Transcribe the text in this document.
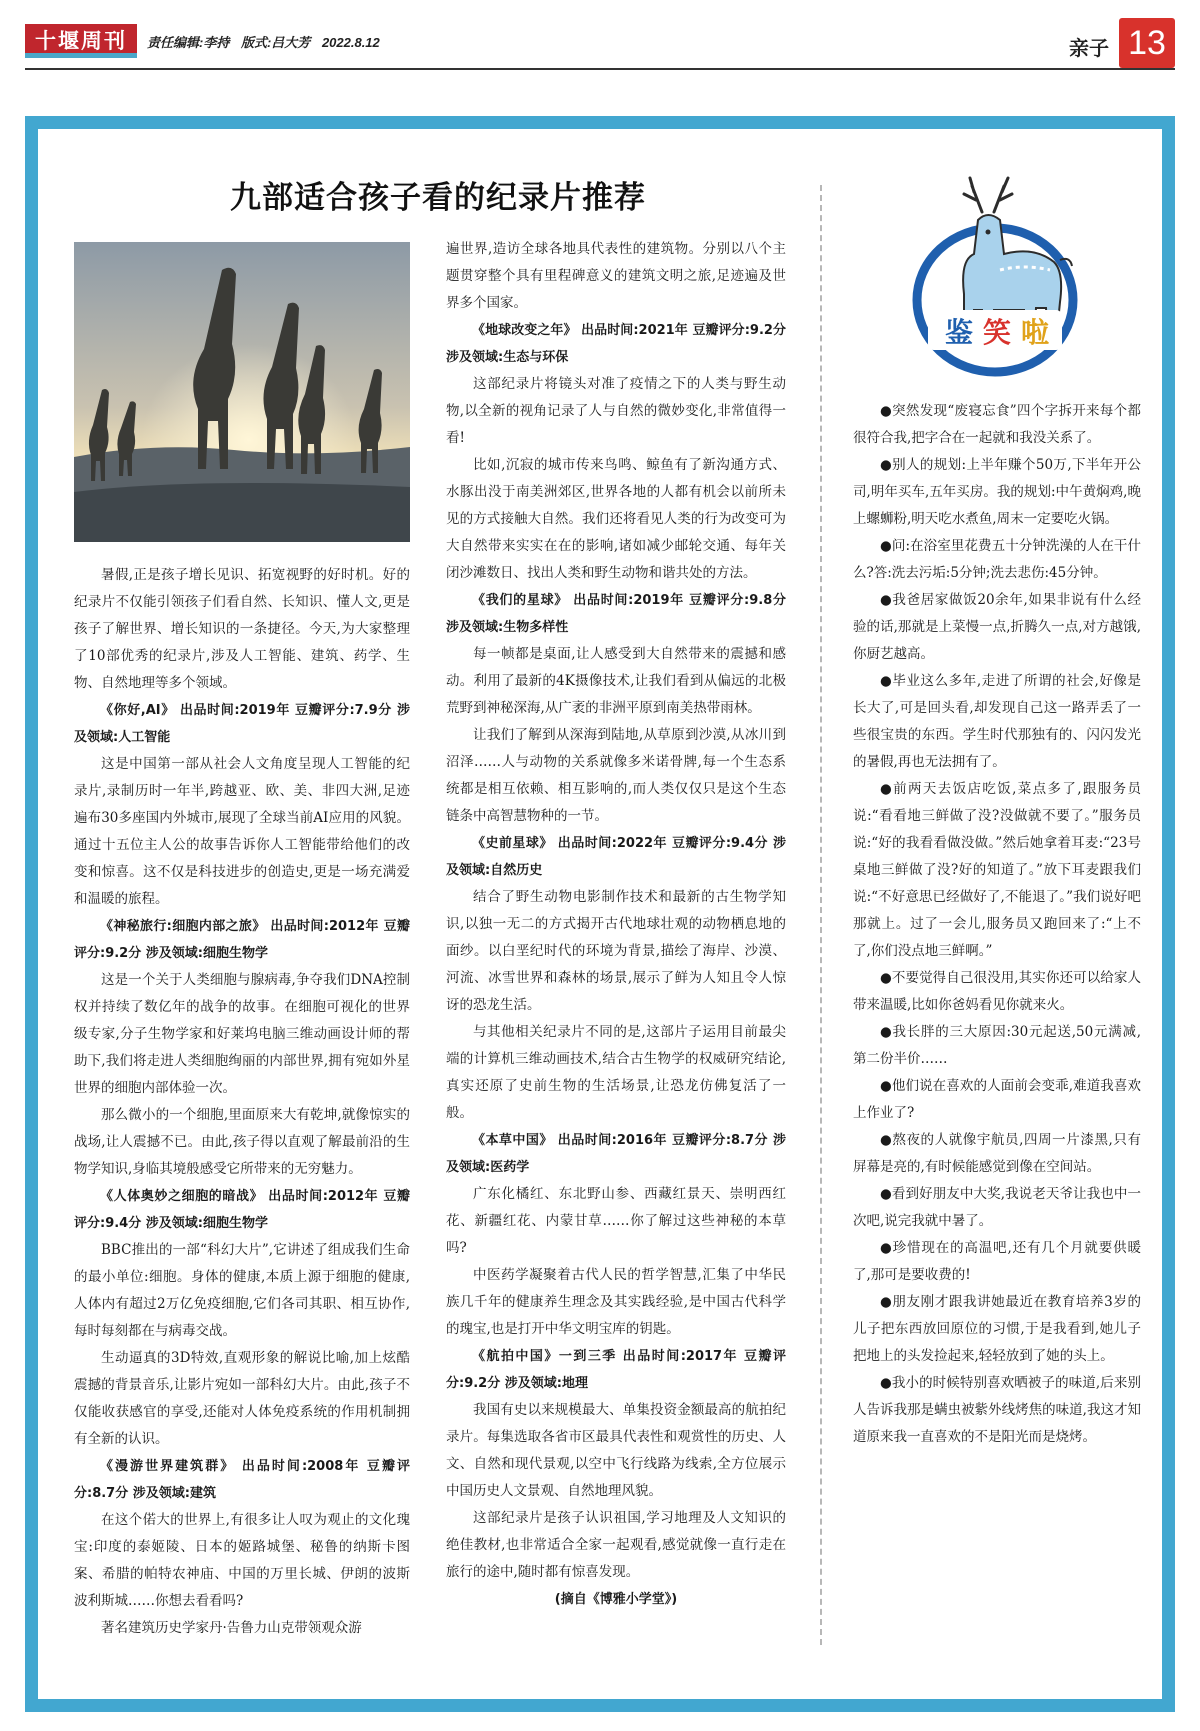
十堰周刊	责任编辑:李持 版式:吕大芳 2022.8.12	亲子 13
九部适合孩子看的纪录片推荐

暑假,正是孩子增长见识、拓宽视野的好时机。好的纪录片不仅能引领孩子们看自然、长知识、懂人文,更是孩子了解世界、增长知识的一条捷径。今天,为大家整理了10部优秀的纪录片,涉及人工智能、建筑、药学、生物、自然地理等多个领域。

《你好,AI》 出品时间:2019年 豆瓣评分:7.9分 涉及领域:人工智能

这是中国第一部从社会人文角度呈现人工智能的纪录片,录制历时一年半,跨越亚、欧、美、非四大洲,足迹遍布30多座国内外城市,展现了全球当前AI应用的风貌。通过十五位主人公的故事告诉你人工智能带给他们的改变和惊喜。这不仅是科技进步的创造史,更是一场充满爱和温暖的旅程。

《神秘旅行:细胞内部之旅》 出品时间:2012年 豆瓣评分:9.2分 涉及领域:细胞生物学

这是一个关于人类细胞与腺病毒,争夺我们DNA控制权并持续了数亿年的战争的故事。在细胞可视化的世界级专家,分子生物学家和好莱坞电脑三维动画设计师的帮助下,我们将走进人类细胞绚丽的内部世界,拥有宛如外星世界的细胞内部体验一次。

那么微小的一个细胞,里面原来大有乾坤,就像惊实的战场,让人震撼不已。由此,孩子得以直观了解最前沿的生物学知识,身临其境般感受它所带来的无穷魅力。

《人体奥妙之细胞的暗战》 出品时间:2012年 豆瓣评分:9.4分 涉及领域:细胞生物学

BBC推出的一部“科幻大片”,它讲述了组成我们生命的最小单位:细胞。身体的健康,本质上源于细胞的健康,人体内有超过2万亿免疫细胞,它们各司其职、相互协作,每时每刻都在与病毒交战。

生动逼真的3D特效,直观形象的解说比喻,加上炫酷震撼的背景音乐,让影片宛如一部科幻大片。由此,孩子不仅能收获感官的享受,还能对人体免疫系统的作用机制拥有全新的认识。

《漫游世界建筑群》 出品时间:2008年 豆瓣评分:8.7分 涉及领域:建筑

在这个偌大的世界上,有很多让人叹为观止的文化瑰宝:印度的泰姬陵、日本的姬路城堡、秘鲁的纳斯卡图案、希腊的帕特农神庙、中国的万里长城、伊朗的波斯波利斯城……你想去看看吗?

著名建筑历史学家丹·告鲁力山克带领观众游

遍世界,造访全球各地具代表性的建筑物。分别以八个主题贯穿整个具有里程碑意义的建筑文明之旅,足迹遍及世界多个国家。

《地球改变之年》 出品时间:2021年 豆瓣评分:9.2分 涉及领域:生态与环保

这部纪录片将镜头对准了疫情之下的人类与野生动物,以全新的视角记录了人与自然的微妙变化,非常值得一看!

比如,沉寂的城市传来鸟鸣、鲸鱼有了新沟通方式、水豚出没于南美洲郊区,世界各地的人都有机会以前所未见的方式接触大自然。我们还将看见人类的行为改变可为大自然带来实实在在的影响,诸如减少邮轮交通、每年关闭沙滩数日、找出人类和野生动物和谐共处的方法。

《我们的星球》 出品时间:2019年 豆瓣评分:9.8分 涉及领域:生物多样性

每一帧都是桌面,让人感受到大自然带来的震撼和感动。利用了最新的4K摄像技术,让我们看到从偏远的北极荒野到神秘深海,从广袤的非洲平原到南美热带雨林。

让我们了解到从深海到陆地,从草原到沙漠,从冰川到沼泽……人与动物的关系就像多米诺骨牌,每一个生态系统都是相互依赖、相互影响的,而人类仅仅只是这个生态链条中高智慧物种的一节。

《史前星球》 出品时间:2022年 豆瓣评分:9.4分 涉及领域:自然历史

结合了野生动物电影制作技术和最新的古生物学知识,以独一无二的方式揭开古代地球壮观的动物栖息地的面纱。以白垩纪时代的环境为背景,描绘了海岸、沙漠、河流、冰雪世界和森林的场景,展示了鲜为人知且令人惊讶的恐龙生活。

与其他相关纪录片不同的是,这部片子运用目前最尖端的计算机三维动画技术,结合古生物学的权威研究结论,真实还原了史前生物的生活场景,让恐龙仿佛复活了一般。

《本草中国》 出品时间:2016年 豆瓣评分:8.7分 涉及领域:医药学

广东化橘红、东北野山参、西藏红景天、崇明西红花、新疆红花、内蒙甘草……你了解过这些神秘的本草吗?

中医药学凝聚着古代人民的哲学智慧,汇集了中华民族几千年的健康养生理念及其实践经验,是中国古代科学的瑰宝,也是打开中华文明宝库的钥匙。

《航拍中国》一到三季 出品时间:2017年 豆瓣评分:9.2分 涉及领域:地理

我国有史以来规模最大、单集投资金额最高的航拍纪录片。每集选取各省市区最具代表性和观赏性的历史、人文、自然和现代景观,以空中飞行线路为线索,全方位展示中国历史人文景观、自然地理风貌。

这部纪录片是孩子认识祖国,学习地理及人文知识的绝佳教材,也非常适合全家一起观看,感觉就像一直行走在旅行的途中,随时都有惊喜发现。

(摘自《博雅小学堂》)

鉴 笑 啦

●突然发现“废寝忘食”四个字拆开来每个都很符合我,把字合在一起就和我没关系了。

●别人的规划:上半年赚个50万,下半年开公司,明年买车,五年买房。我的规划:中午黄焖鸡,晚上螺蛳粉,明天吃水煮鱼,周末一定要吃火锅。

●问:在浴室里花费五十分钟洗澡的人在干什么?答:洗去污垢:5分钟;洗去悲伤:45分钟。

●我爸居家做饭20余年,如果非说有什么经验的话,那就是上菜慢一点,折腾久一点,对方越饿,你厨艺越高。

●毕业这么多年,走进了所谓的社会,好像是长大了,可是回头看,却发现自己这一路弄丢了一些很宝贵的东西。学生时代那独有的、闪闪发光的暑假,再也无法拥有了。

●前两天去饭店吃饭,菜点多了,跟服务员说:“看看地三鲜做了没?没做就不要了。”服务员说:“好的我看看做没做。”然后她拿着耳麦:“23号桌地三鲜做了没?好的知道了。”放下耳麦跟我们说:“不好意思已经做好了,不能退了。”我们说好吧那就上。过了一会儿,服务员又跑回来了:“上不了,你们没点地三鲜啊。”

●不要觉得自己很没用,其实你还可以给家人带来温暖,比如你爸妈看见你就来火。

●我长胖的三大原因:30元起送,50元满减,第二份半价……

●他们说在喜欢的人面前会变乖,难道我喜欢上作业了?

●熬夜的人就像宇航员,四周一片漆黑,只有屏幕是亮的,有时候能感觉到像在空间站。

●看到好朋友中大奖,我说老天爷让我也中一次吧,说完我就中暑了。

●珍惜现在的高温吧,还有几个月就要供暖了,那可是要收费的!

●朋友刚才跟我讲她最近在教育培养3岁的儿子把东西放回原位的习惯,于是我看到,她儿子把地上的头发捡起来,轻轻放到了她的头上。

●我小的时候特别喜欢晒被子的味道,后来别人告诉我那是螨虫被紫外线烤焦的味道,我这才知道原来我一直喜欢的不是阳光而是烧烤。
